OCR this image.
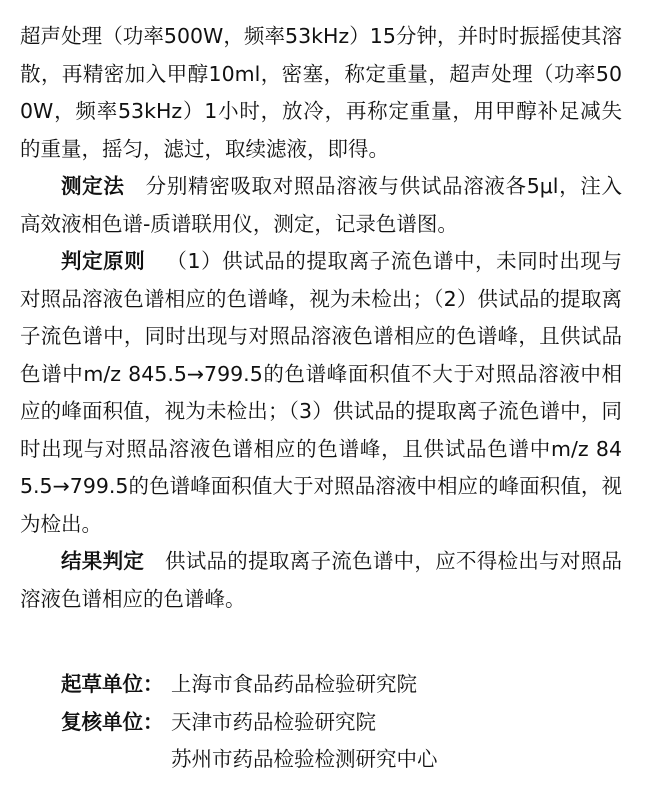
超声处理（功率500W，频率53kHz）15分钟，并时时振摇使其溶散，再精密加入甲醇10ml，密塞，称定重量，超声处理（功率500W，频率53kHz）1小时，放冷，再称定重量，用甲醇补足减失的重量，摇匀，滤过，取续滤液，即得。

测定法  分别精密吸取对照品溶液与供试品溶液各5μl，注入高效液相色谱-质谱联用仪，测定，记录色谱图。

判定原则  （1）供试品的提取离子流色谱中，未同时出现与对照品溶液色谱相应的色谱峰，视为未检出；（2）供试品的提取离子流色谱中，同时出现与对照品溶液色谱相应的色谱峰，且供试品色谱中m/z 845.5→799.5的色谱峰面积值不大于对照品溶液中相应的峰面积值，视为未检出；（3）供试品的提取离子流色谱中，同时出现与对照品溶液色谱相应的色谱峰，且供试品色谱中m/z 845.5→799.5的色谱峰面积值大于对照品溶液中相应的峰面积值，视为检出。

结果判定  供试品的提取离子流色谱中，应不得检出与对照品溶液色谱相应的色谱峰。

起草单位： 上海市食品药品检验研究院

复核单位： 天津市药品检验研究院

苏州市药品检验检测研究中心
